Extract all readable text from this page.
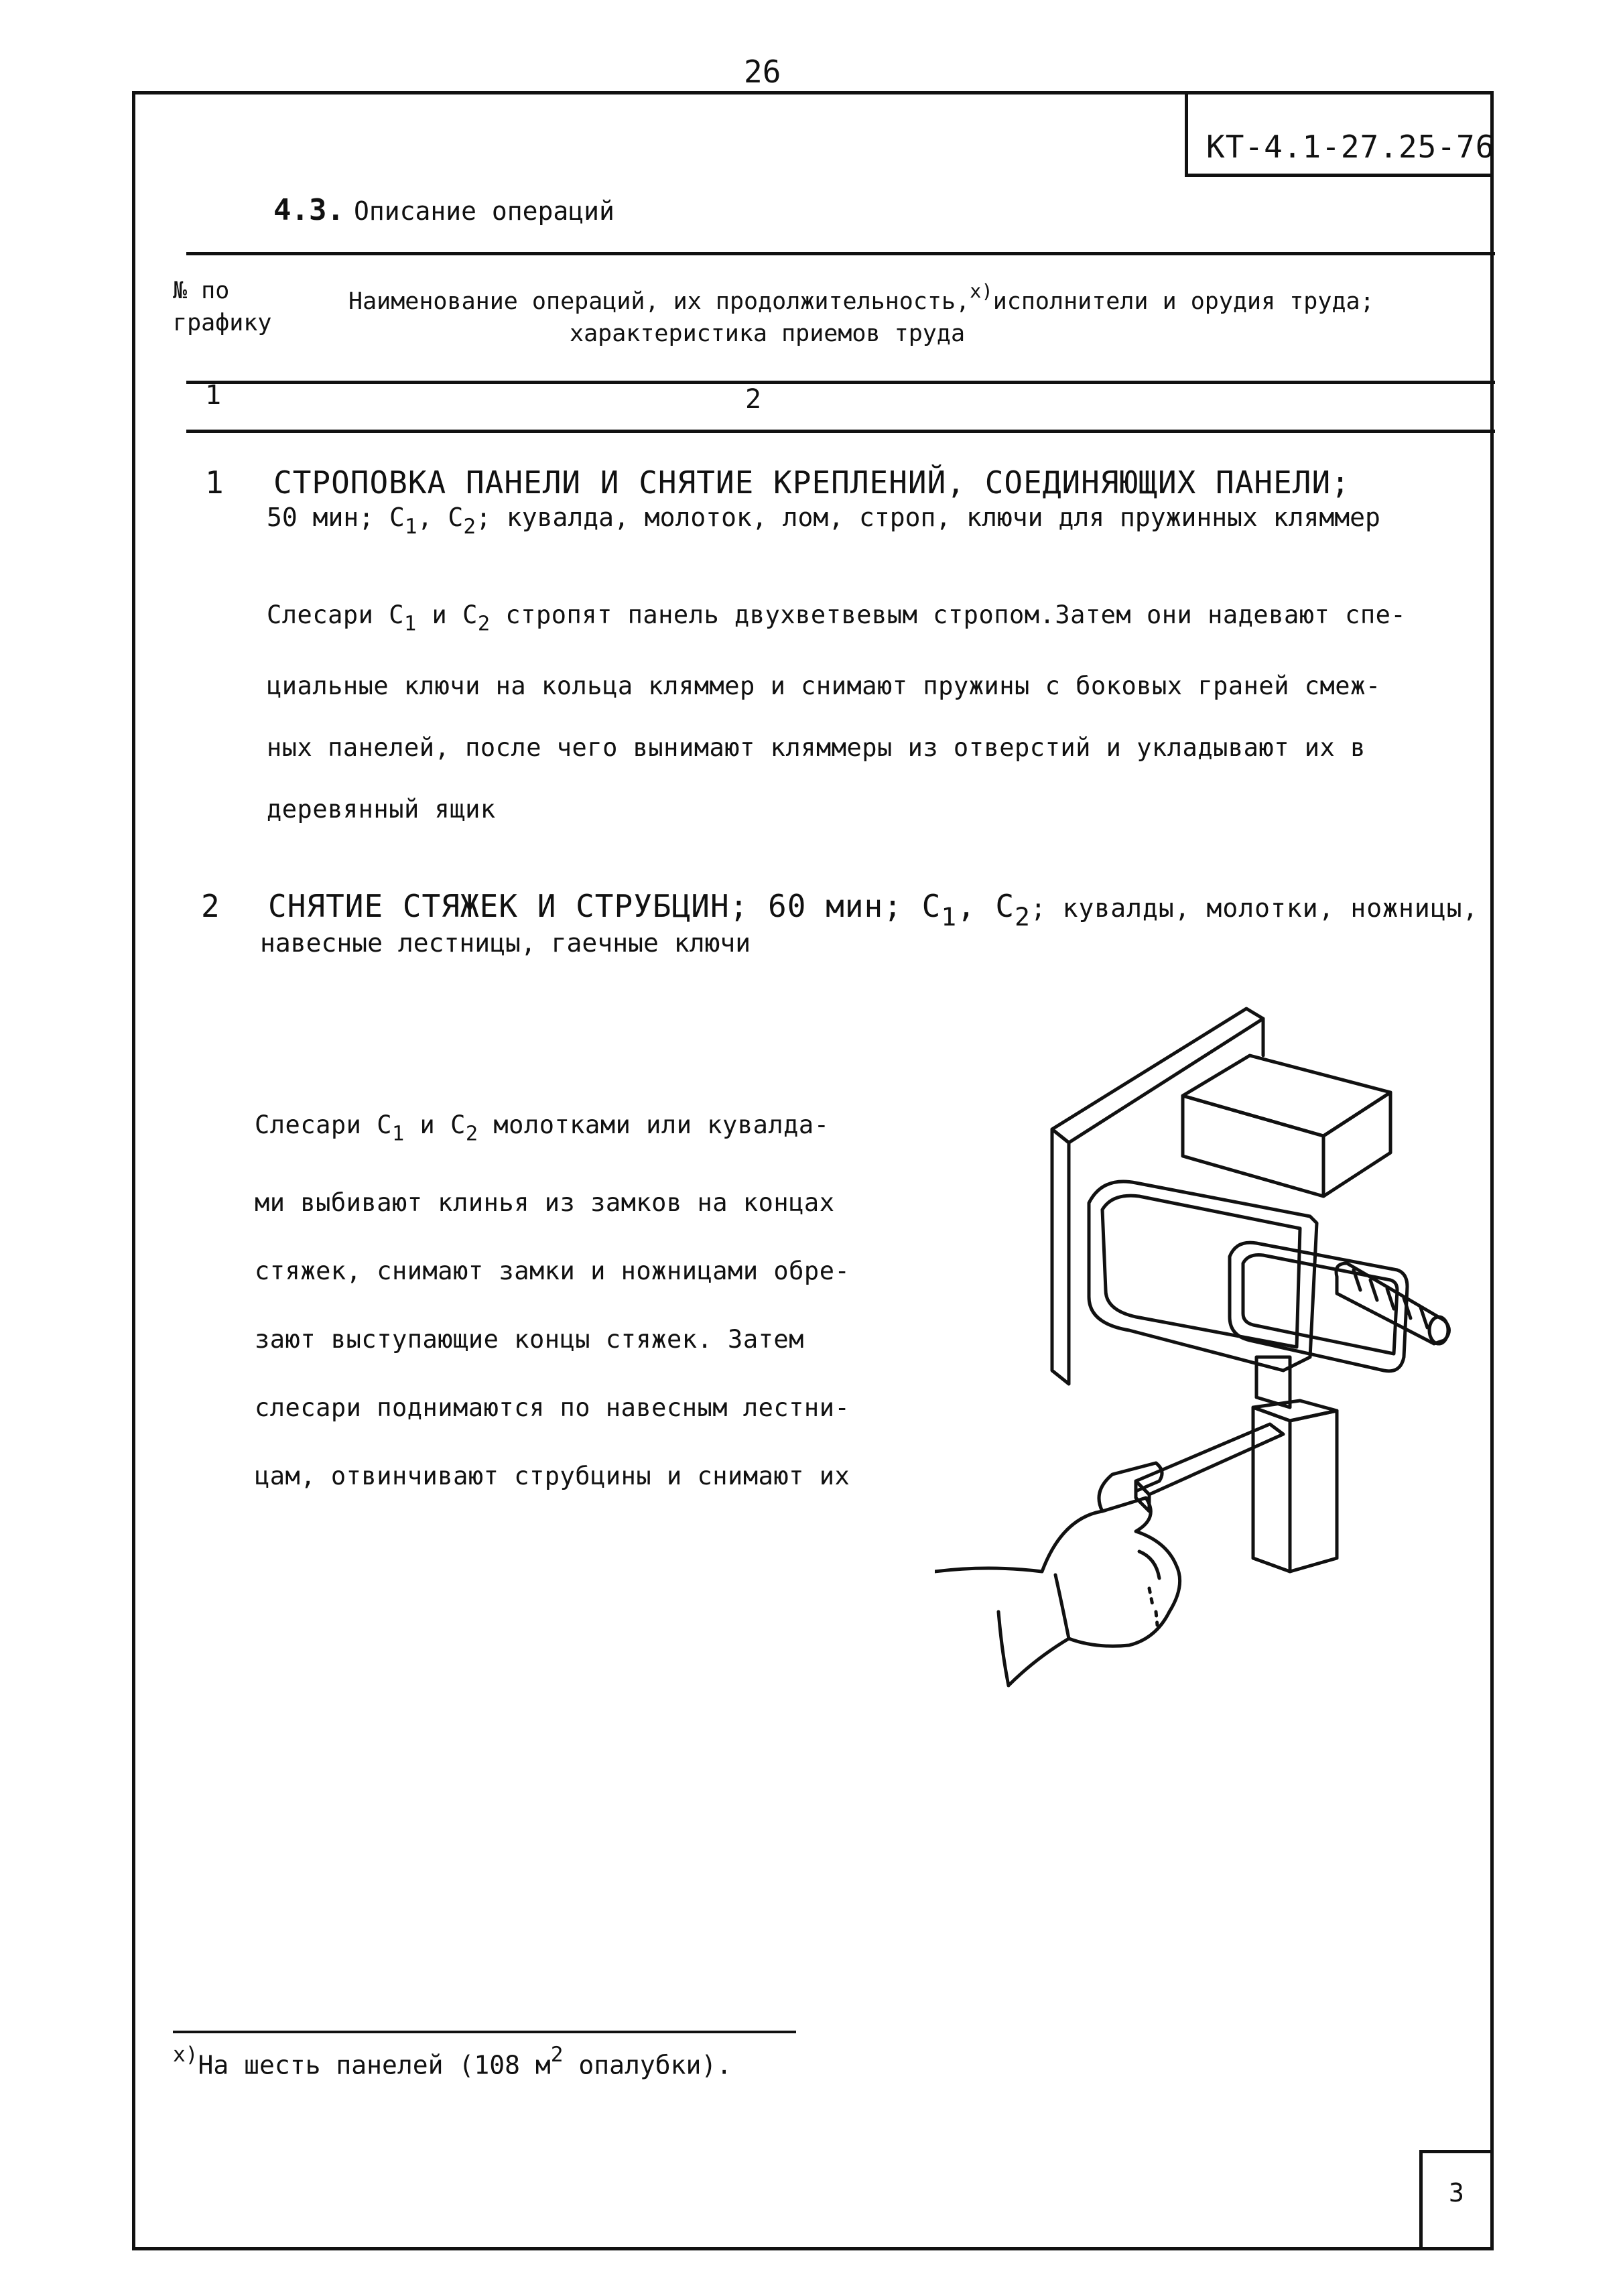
26
КТ-4.1-27.25-76
4.3. Описание операций
№ по
графику
Наименование операций, их продолжительность,$^{х)}$исполнители и орудия труда;
характеристика приемов труда
1	2
1 СТРОПОВКА ПАНЕЛИ И СНЯТИЕ КРЕПЛЕНИЙ, СОЕДИНЯЮЩИХ ПАНЕЛИ;
50 мин; $С_1$, $С_2$; кувалда, молоток, лом, строп, ключи для пружинных кляммер
Слесари $С_1$ и $С_2$ стропят панель двухветвевым стропом.Затем они надевают спе-
циальные ключи на кольца кляммер и снимают пружины с боковых граней смеж-
ных панелей, после чего вынимают кляммеры из отверстий и укладывают их в
деревянный ящик
2 СНЯТИЕ СТЯЖЕК И СТРУБЦИН; 60 мин; $С_1$, $С_2$; кувалды, молотки, ножницы,
навесные лестницы, гаечные ключи
Слесари $С_1$ и $С_2$ молотками или кувалда-
ми выбивают клинья из замков на концах
стяжек, снимают замки и ножницами обре-
зают выступающие концы стяжек. Затем
слесари поднимаются по навесным лестни-
цам, отвинчивают струбцины и снимают их
$^{х)}$На шесть панелей (108 $м^2$ опалубки).
3
